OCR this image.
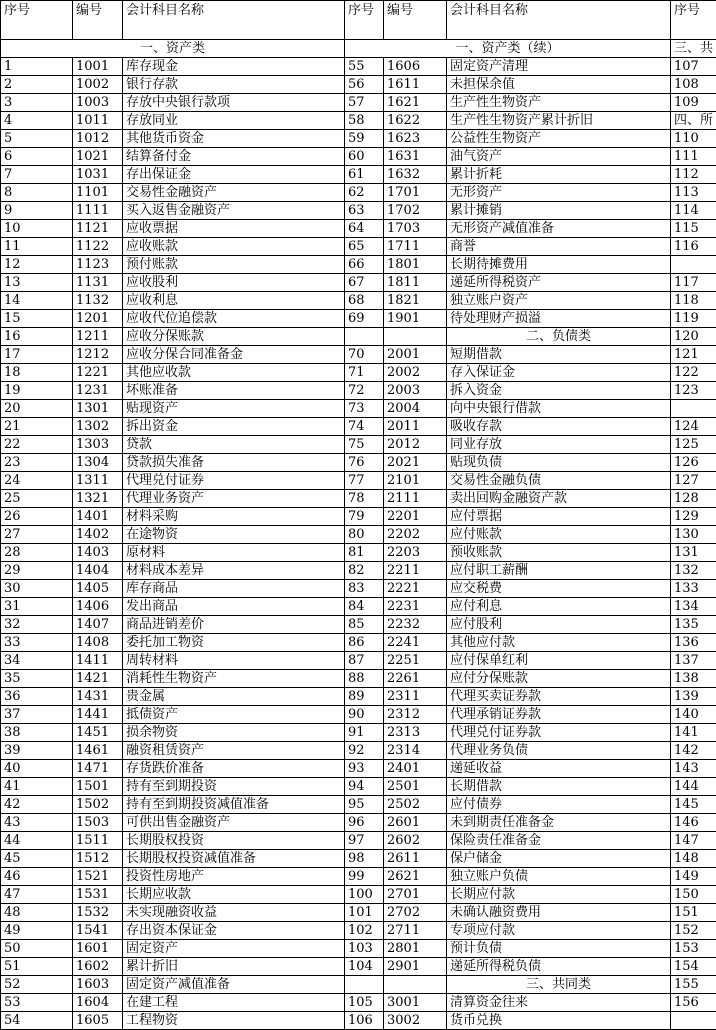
序号	编号	会计科目名称	序号	编号	会计科目名称	序号
一、资产类			一、资产类（续）			三、共
1	1001	库存现金	55	1606	固定资产清理	107
2	1002	银行存款	56	1611	未担保余值	108
3	1003	存放中央银行款项	57	1621	生产性生物资产	109
4	1011	存放同业	58	1622	生产性生物资产累计折旧	四、所
5	1012	其他货币资金	59	1623	公益性生物资产	110
6	1021	结算备付金	60	1631	油气资产	111
7	1031	存出保证金	61	1632	累计折耗	112
8	1101	交易性金融资产	62	1701	无形资产	113
9	1111	买入返售金融资产	63	1702	累计摊销	114
10	1121	应收票据	64	1703	无形资产减值准备	115
11	1122	应收账款	65	1711	商誉	116
12	1123	预付账款	66	1801	长期待摊费用	
13	1131	应收股利	67	1811	递延所得税资产	117
14	1132	应收利息	68	1821	独立账户资产	118
15	1201	应收代位追偿款	69	1901	待处理财产损溢	119
16	1211	应收分保账款			二、负债类	120
17	1212	应收分保合同准备金	70	2001	短期借款	121
18	1221	其他应收款	71	2002	存入保证金	122
19	1231	坏账准备	72	2003	拆入资金	123
20	1301	贴现资产	73	2004	向中央银行借款	
21	1302	拆出资金	74	2011	吸收存款	124
22	1303	贷款	75	2012	同业存放	125
23	1304	贷款损失准备	76	2021	贴现负债	126
24	1311	代理兑付证券	77	2101	交易性金融负债	127
25	1321	代理业务资产	78	2111	卖出回购金融资产款	128
26	1401	材料采购	79	2201	应付票据	129
27	1402	在途物资	80	2202	应付账款	130
28	1403	原材料	81	2203	预收账款	131
29	1404	材料成本差异	82	2211	应付职工薪酬	132
30	1405	库存商品	83	2221	应交税费	133
31	1406	发出商品	84	2231	应付利息	134
32	1407	商品进销差价	85	2232	应付股利	135
33	1408	委托加工物资	86	2241	其他应付款	136
34	1411	周转材料	87	2251	应付保单红利	137
35	1421	消耗性生物资产	88	2261	应付分保账款	138
36	1431	贵金属	89	2311	代理买卖证券款	139
37	1441	抵债资产	90	2312	代理承销证券款	140
38	1451	损余物资	91	2313	代理兑付证券款	141
39	1461	融资租赁资产	92	2314	代理业务负债	142
40	1471	存货跌价准备	93	2401	递延收益	143
41	1501	持有至到期投资	94	2501	长期借款	144
42	1502	持有至到期投资减值准备	95	2502	应付债券	145
43	1503	可供出售金融资产	96	2601	未到期责任准备金	146
44	1511	长期股权投资	97	2602	保险责任准备金	147
45	1512	长期股权投资减值准备	98	2611	保户储金	148
46	1521	投资性房地产	99	2621	独立账户负债	149
47	1531	长期应收款	100	2701	长期应付款	150
48	1532	未实现融资收益	101	2702	未确认融资费用	151
49	1541	存出资本保证金	102	2711	专项应付款	152
50	1601	固定资产	103	2801	预计负债	153
51	1602	累计折旧	104	2901	递延所得税负债	154
52	1603	固定资产减值准备			三、共同类	155
53	1604	在建工程	105	3001	清算资金往来	156
54	1605	工程物资	106	3002	货币兑换	
